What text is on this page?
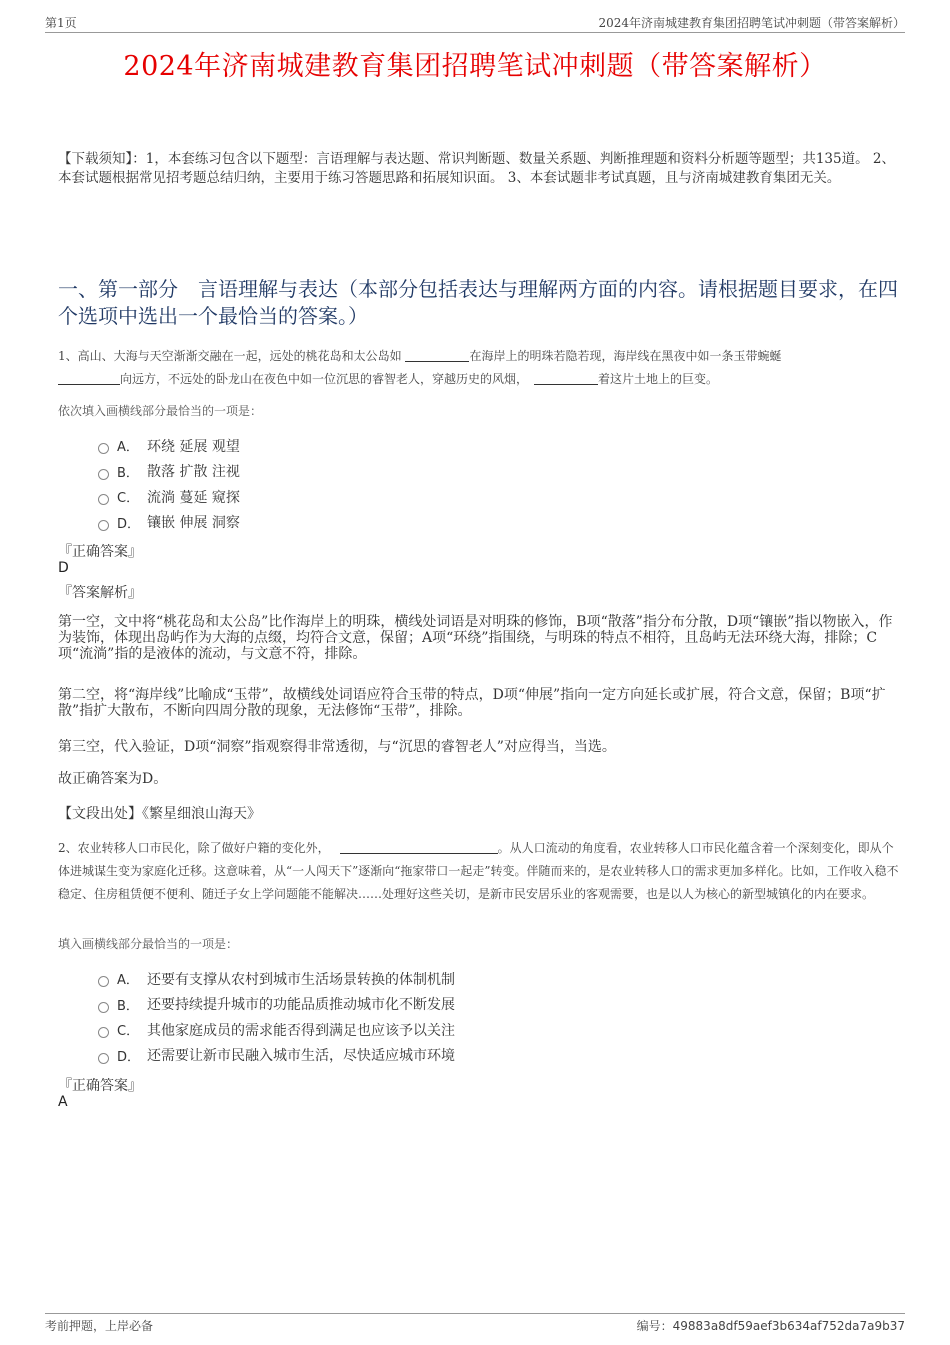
第1页	2024年济南城建教育集团招聘笔试冲刺题（带答案解析）
2024年济南城建教育集团招聘笔试冲刺题（带答案解析）
【下载须知】：1，本套练习包含以下题型：言语理解与表达题、常识判断题、数量关系题、判断推理题和资料分析题等题型；共135道。 2、本套试题根据常见招考题总结归纳，主要用于练习答题思路和拓展知识面。 3、本套试题非考试真题，且与济南城建教育集团无关。
一、第一部分　言语理解与表达（本部分包括表达与理解两方面的内容。请根据题目要求，在四个选项中选出一个最恰当的答案。）
1、高山、大海与天空渐渐交融在一起，远处的桃花岛和太公岛如	在海岸上的明珠若隐若现，海岸线在黑夜中如一条玉带蜿蜒
向远方，不远处的卧龙山在夜色中如一位沉思的睿智老人，穿越历史的风烟，	着这片土地上的巨变。
依次填入画横线部分最恰当的一项是：
A． 环绕 延展 观望
B． 散落 扩散 注视
C． 流淌 蔓延 窥探
D． 镶嵌 伸展 洞察
『正确答案』
D
『答案解析』
第一空，文中将“桃花岛和太公岛”比作海岸上的明珠，横线处词语是对明珠的修饰，B项“散落”指分布分散，D项“镶嵌”指以物嵌入，作为装饰，体现出岛屿作为大海的点缀，均符合文意，保留；A项“环绕”指围绕，与明珠的特点不相符，且岛屿无法环绕大海，排除；C项“流淌”指的是液体的流动，与文意不符，排除。
第二空，将“海岸线”比喻成“玉带”，故横线处词语应符合玉带的特点，D项“伸展”指向一定方向延长或扩展，符合文意，保留；B项“扩散”指扩大散布，不断向四周分散的现象，无法修饰“玉带”，排除。
第三空，代入验证，D项“洞察”指观察得非常透彻，与“沉思的睿智老人”对应得当，当选。
故正确答案为D。
【文段出处】《繁星细浪山海天》
2、农业转移人口市民化，除了做好户籍的变化外，	。从人口流动的角度看，农业转移人口市民化蕴含着一个深刻变化，即从个体进城谋生变为家庭化迁移。这意味着，从“一人闯天下”逐渐向“拖家带口一起走”转变。伴随而来的，是农业转移人口的需求更加多样化。比如，工作收入稳不稳定、住房租赁便不便利、随迁子女上学问题能不能解决……处理好这些关切，是新市民安居乐业的客观需要，也是以人为核心的新型城镇化的内在要求。
填入画横线部分最恰当的一项是：
A． 还要有支撑从农村到城市生活场景转换的体制机制
B． 还要持续提升城市的功能品质推动城市化不断发展
C． 其他家庭成员的需求能否得到满足也应该予以关注
D． 还需要让新市民融入城市生活，尽快适应城市环境
『正确答案』
A
考前押题，上岸必备	编号：49883a8df59aef3b634af752da7a9b37
